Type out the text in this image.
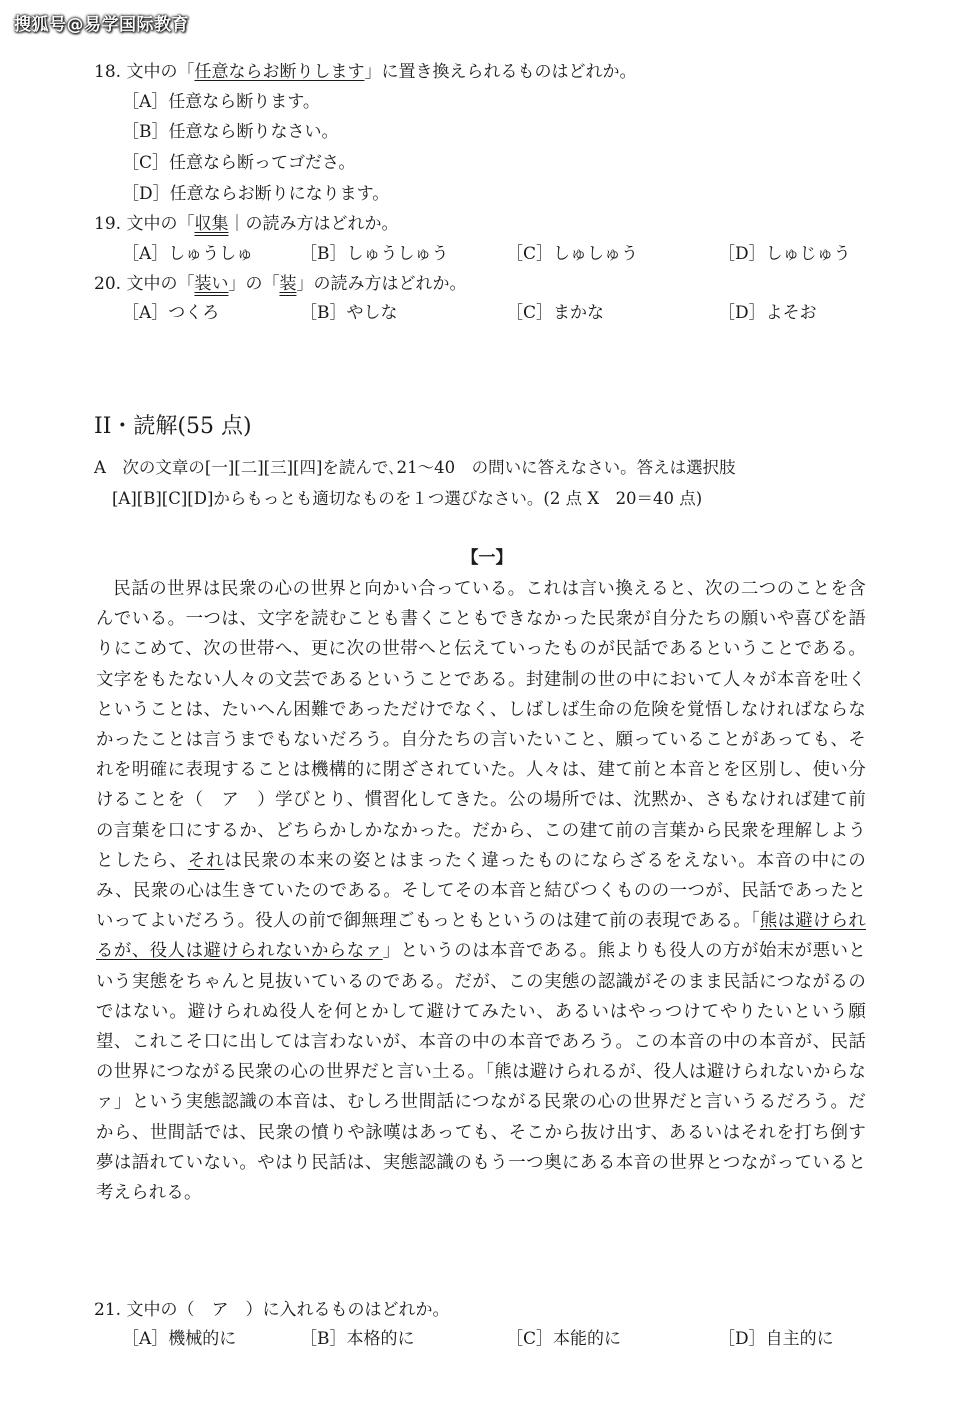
搜狐号@易学国际教育
18. 文中の「任意ならお断りします」に置き換えられるものはどれか。
［A］任意なら断ります。
［B］任意なら断りなさい。
［C］任意なら断ってゴださ。
［D］任意ならお断りになります。
19. 文中の「収集｜の読み方はどれか。
［A］しゅうしゅ	［B］しゅうしゅう	［C］しゅしゅう	［D］しゅじゅう
20. 文中の「装い」の「装」の読み方はどれか。
［A］つくろ	［B］やしな	［C］まかな	［D］よそお
II・読解(55 点)
A　次の文章の[一][二][三][四]を読んで､21～40　の問いに答えなさい。答えは選択肢
[A][B][C][D]からもっとも適切なものを１つ選びなさい。(2 点 X　20＝40 点)
【一】

民話の世界は民衆の心の世界と向かい合っている。これは言い換えると、次の二つのことを含んでいる。一つは、文字を読むことも書くこともできなかった民衆が自分たちの願いや喜びを語りにこめて、次の世帯へ、更に次の世帯へと伝えていったものが民話であるということである。文字をもたない人々の文芸であるということである。封建制の世の中において人々が本音を吐くということは、たいへん困難であっただけでなく、しばしば生命の危険を覚悟しなければならなかったことは言うまでもないだろう。自分たちの言いたいこと、願っていることがあっても、それを明確に表現することは機構的に閉ざされていた。人々は、建て前と本音とを区別し、使い分けることを（　ア　）学びとり、慣習化してきた。公の場所では、沈黙か、さもなければ建て前の言葉を口にするか、どちらかしかなかった。だから、この建て前の言葉から民衆を理解しようとしたら、それは民衆の本来の姿とはまったく違ったものにならざるをえない。本音の中にのみ、民衆の心は生きていたのである。そしてその本音と結びつくものの一つが、民話であったといってよいだろう。役人の前で御無理ごもっともというのは建て前の表現である。「熊は避けられるが、役人は避けられないからなァ」というのは本音である。熊よりも役人の方が始末が悪いという実態をちゃんと見抜いているのである。だが、この実態の認識がそのまま民話につながるのではない。避けられぬ役人を何とかして避けてみたい、あるいはやっつけてやりたいという願望、これこそ口に出しては言わないが、本音の中の本音であろう。この本音の中の本音が、民話の世界につながる民衆の心の世界だと言い土る。「熊は避けられるが、役人は避けられないからなァ」という実態認識の本音は、むしろ世間話につながる民衆の心の世界だと言いうるだろう。だから、世間話では、民衆の憤りや詠嘆はあっても、そこから抜け出す、あるいはそれを打ち倒す夢は語れていない。やはり民話は、実態認識のもう一つ奥にある本音の世界とつながっていると考えられる。

21. 文中の（　ア　）に入れるものはどれか。
［A］機械的に	［B］本格的に	［C］本能的に	［D］自主的に
